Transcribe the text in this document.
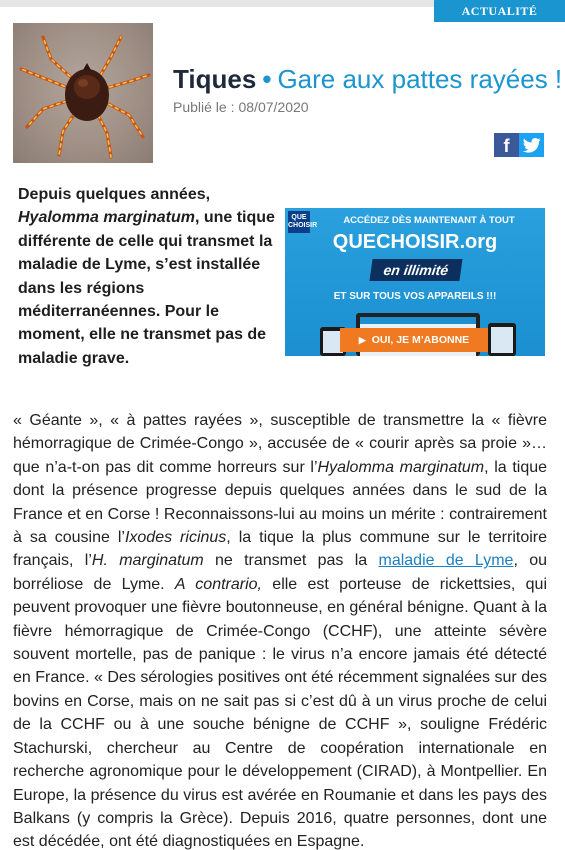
ACTUALITÉ
Tiques • Gare aux pattes rayées !
Publié le : 08/07/2020
f
Depuis quelques années,
Hyalomma marginatum, une tique différente de celle qui transmet la maladie de Lyme, s’est installée dans les régions méditerranéennes. Pour le moment, elle ne transmet pas de maladie grave.
QUE CHOISIR	ACCÉDEZ DÈS MAINTENANT À TOUT
QUECHOISIR.org
en illimité
ET SUR TOUS VOS APPAREILS !!!
▶ OUI, JE M’ABONNE
« Géante », « à pattes rayées », susceptible de transmettre la « fièvre hémorragique de Crimée-Congo », accusée de « courir après sa proie »… que n’a-t-on pas dit comme horreurs sur l’Hyalomma marginatum, la tique dont la présence progresse depuis quelques années dans le sud de la France et en Corse ! Reconnaissons-lui au moins un mérite : contrairement à sa cousine l’Ixodes ricinus, la tique la plus commune sur le territoire français, l’H. marginatum ne transmet pas la maladie de Lyme, ou borréliose de Lyme. A contrario, elle est porteuse de rickettsies, qui peuvent provoquer une fièvre boutonneuse, en général bénigne. Quant à la fièvre hémorragique de Crimée-Congo (CCHF), une atteinte sévère souvent mortelle, pas de panique : le virus n’a encore jamais été détecté en France. « Des sérologies positives ont été récemment signalées sur des bovins en Corse, mais on ne sait pas si c’est dû à un virus proche de celui de la CCHF ou à une souche bénigne de CCHF », souligne Frédéric Stachurski, chercheur au Centre de coopération internationale en recherche agronomique pour le développement (CIRAD), à Montpellier. En Europe, la présence du virus est avérée en Roumanie et dans les pays des Balkans (y compris la Grèce). Depuis 2016, quatre personnes, dont une est décédée, ont été diagnostiquées en Espagne.
